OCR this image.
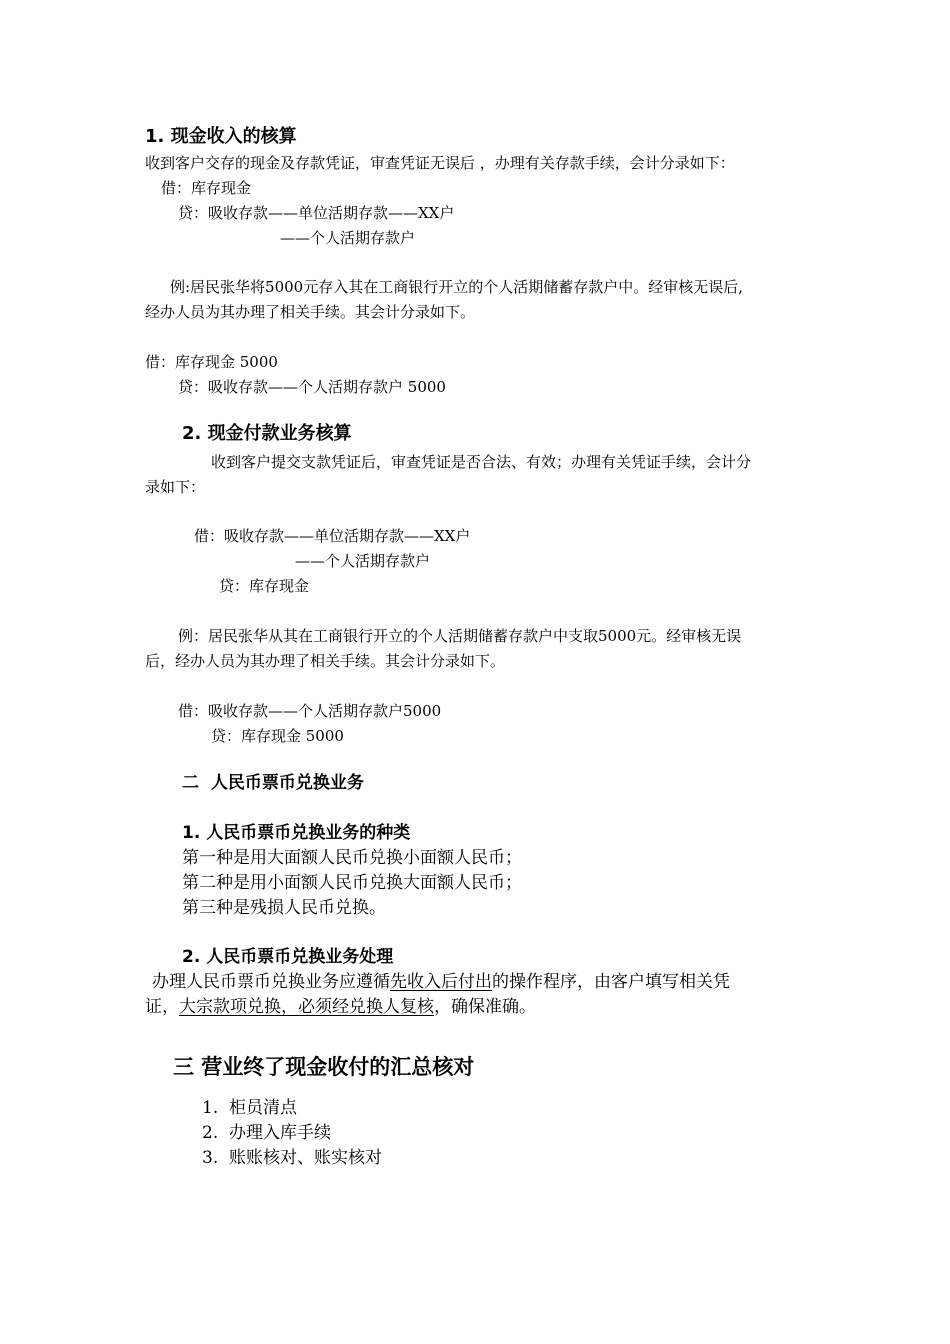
1. 现金收入的核算
收到客户交存的现金及存款凭证，审查凭证无误后 ，办理有关存款手续，会计分录如下：
借：库存现金
贷：吸收存款——单位活期存款——XX户
——个人活期存款户
例:居民张华将5000元存入其在工商银行开立的个人活期储蓄存款户中。经审核无误后,
经办人员为其办理了相关手续。其会计分录如下。
借：库存现金 5000
贷：吸收存款——个人活期存款户 5000
2. 现金付款业务核算
收到客户提交支款凭证后，审查凭证是否合法、有效；办理有关凭证手续，会计分
录如下：
借：吸收存款——单位活期存款——XX户
——个人活期存款户
贷：库存现金
例：居民张华从其在工商银行开立的个人活期储蓄存款户中支取5000元。经审核无误
后，经办人员为其办理了相关手续。其会计分录如下。
借：吸收存款——个人活期存款户5000
贷：库存现金 5000
二  人民币票币兑换业务
1. 人民币票币兑换业务的种类
第一种是用大面额人民币兑换小面额人民币；
第二种是用小面额人民币兑换大面额人民币；
第三种是残损人民币兑换。
2. 人民币票币兑换业务处理
办理人民币票币兑换业务应遵循先收入后付出的操作程序，由客户填写相关凭
证，大宗款项兑换，必须经兑换人复核，确保准确。
三 营业终了现金收付的汇总核对
1.  柜员清点
2.  办理入库手续
3.  账账核对、账实核对
